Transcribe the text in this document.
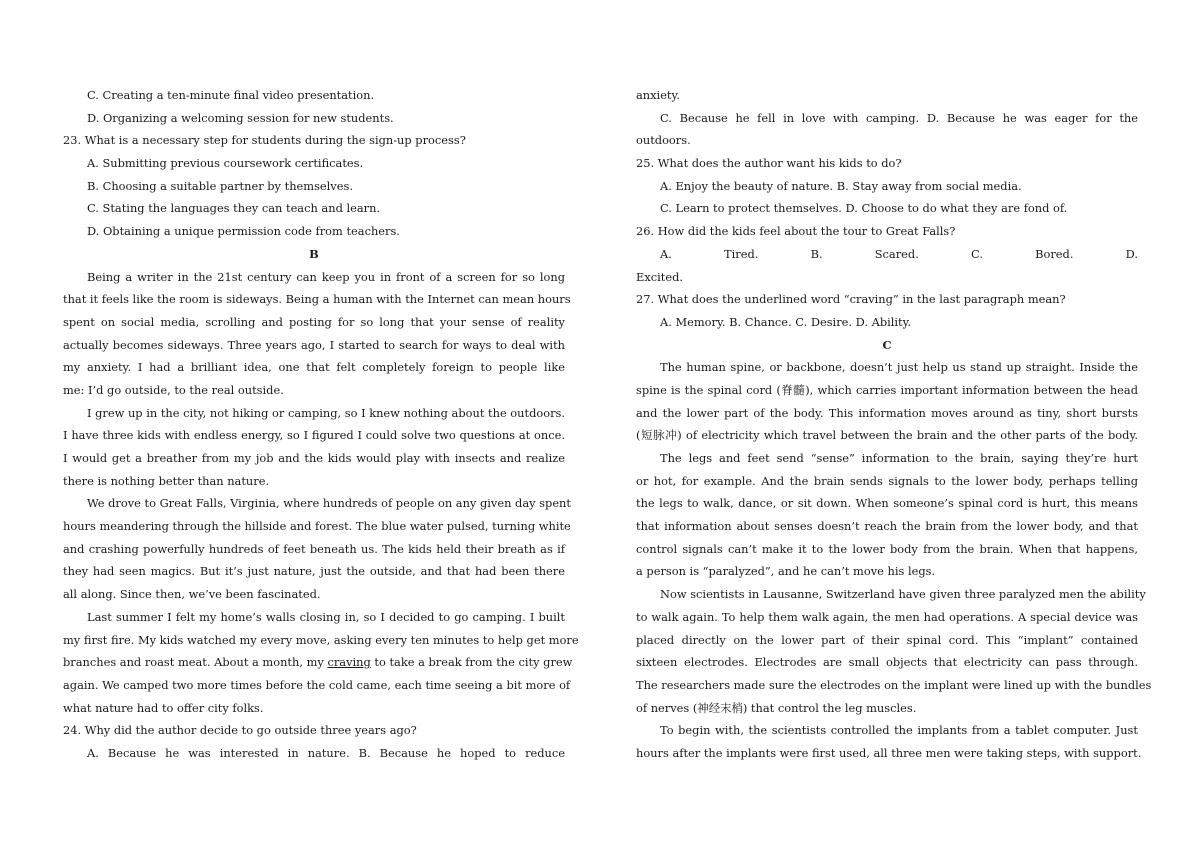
C. Creating a ten-minute final video presentation.
D. Organizing a welcoming session for new students.
23. What is a necessary step for students during the sign-up process?
A. Submitting previous coursework certificates.
B. Choosing a suitable partner by themselves.
C. Stating the languages they can teach and learn.
D. Obtaining a unique permission code from teachers.
B
Being a writer in the 21st century can keep you in front of a screen for so long
that it feels like the room is sideways. Being a human with the Internet can mean hours
spent on social media, scrolling and posting for so long that your sense of reality
actually becomes sideways. Three years ago, I started to search for ways to deal with
my anxiety. I had a brilliant idea, one that felt completely foreign to people like
me: I’d go outside, to the real outside.
I grew up in the city, not hiking or camping, so I knew nothing about the outdoors.
I have three kids with endless energy, so I figured I could solve two questions at once.
I would get a breather from my job and the kids would play with insects and realize
there is nothing better than nature.
We drove to Great Falls, Virginia, where hundreds of people on any given day spent
hours meandering through the hillside and forest. The blue water pulsed, turning white
and crashing powerfully hundreds of feet beneath us. The kids held their breath as if
they had seen magics. But it’s just nature, just the outside, and that had been there
all along. Since then, we’ve been fascinated.
Last summer I felt my home’s walls closing in, so I decided to go camping. I built
my first fire. My kids watched my every move, asking every ten minutes to help get more
branches and roast meat. About a month, my craving to take a break from the city grew
again. We camped two more times before the cold came, each time seeing a bit more of
what nature had to offer city folks.
24. Why did the author decide to go outside three years ago?
A. Because he was interested in nature. B. Because he hoped to reduce
anxiety.
C. Because he fell in love with camping. D. Because he was eager for the
outdoors.
25. What does the author want his kids to do?
A. Enjoy the beauty of nature. B. Stay away from social media.
C. Learn to protect themselves. D. Choose to do what they are fond of.
26. How did the kids feel about the tour to Great Falls?
A. Tired. B. Scared. C. Bored. D.
Excited.
27. What does the underlined word “craving” in the last paragraph mean?
A. Memory. B. Chance. C. Desire. D. Ability.
C
The human spine, or backbone, doesn’t just help us stand up straight. Inside the
spine is the spinal cord (脊髓), which carries important information between the head
and the lower part of the body. This information moves around as tiny, short bursts
(短脉冲) of electricity which travel between the brain and the other parts of the body.
The legs and feet send “sense” information to the brain, saying they’re hurt
or hot, for example. And the brain sends signals to the lower body, perhaps telling
the legs to walk, dance, or sit down. When someone’s spinal cord is hurt, this means
that information about senses doesn’t reach the brain from the lower body, and that
control signals can’t make it to the lower body from the brain. When that happens,
a person is “paralyzed”, and he can’t move his legs.
Now scientists in Lausanne, Switzerland have given three paralyzed men the ability
to walk again. To help them walk again, the men had operations. A special device was
placed directly on the lower part of their spinal cord. This “implant” contained
sixteen electrodes. Electrodes are small objects that electricity can pass through.
The researchers made sure the electrodes on the implant were lined up with the bundles
of nerves (神经末梢) that control the leg muscles.
To begin with, the scientists controlled the implants from a tablet computer. Just
hours after the implants were first used, all three men were taking steps, with support.
